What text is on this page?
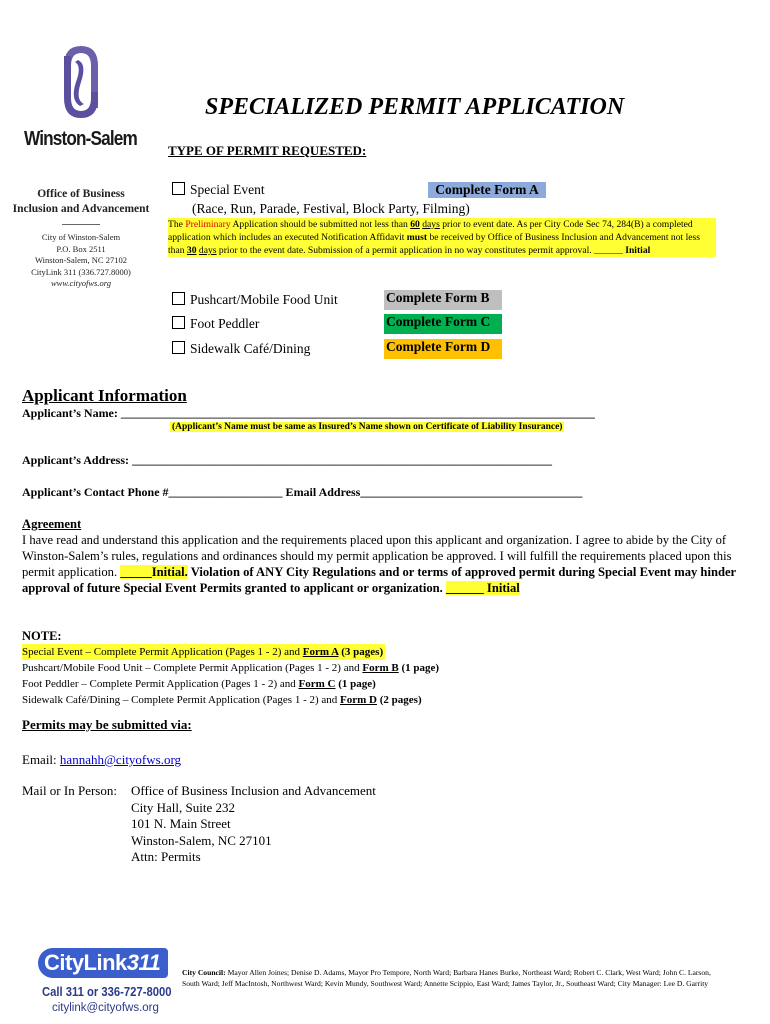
Winston-Salem
Office of Business
Inclusion and Advancement
City of Winston-Salem
P.O. Box 2511
Winston-Salem, NC 27102
CityLink 311 (336.727.8000)
www.cityofws.org
SPECIALIZED PERMIT APPLICATION
TYPE OF PERMIT REQUESTED:
Special Event	Complete Form A
(Race, Run, Parade, Festival, Block Party, Filming)
The Preliminary Application should be submitted not less than 60 days prior to event date. As per City Code Sec 74, 284(B) a completed application which includes an executed Notification Affidavit must be received by Office of Business Inclusion and Advancement not less than 30 days prior to the event date. Submission of a permit application in no way constitutes permit approval. ______ Initial
Pushcart/Mobile Food Unit	Complete Form B
Foot Peddler	Complete Form C
Sidewalk Café/Dining	Complete Form D
Applicant Information
Applicant’s Name: _______________________________________________________________________________
(Applicant’s Name must be same as Insured’s Name shown on Certificate of Liability Insurance)
Applicant’s Address: ______________________________________________________________________
Applicant’s Contact Phone #___________________ Email Address_____________________________________
Agreement
I have read and understand this application and the requirements placed upon this applicant and organization. I agree to abide by the City of Winston-Salem’s rules, regulations and ordinances should my permit application be approved. I will fulfill the requirements placed upon this permit application. _____Initial. Violation of ANY City Regulations and or terms of approved permit during Special Event may hinder approval of future Special Event Permits granted to applicant or organization. ______ Initial
NOTE:
Special Event – Complete Permit Application (Pages 1 - 2) and Form A (3 pages)
Pushcart/Mobile Food Unit – Complete Permit Application (Pages 1 - 2) and Form B (1 page)
Foot Peddler – Complete Permit Application (Pages 1 - 2) and Form C (1 page)
Sidewalk Café/Dining – Complete Permit Application (Pages 1 - 2) and Form D (2 pages)
Permits may be submitted via:
Email: hannahh@cityofws.org
Mail or In Person: Office of Business Inclusion and Advancement
City Hall, Suite 232
101 N. Main Street
Winston-Salem, NC 27101
Attn: Permits
CityLink311
Call 311 or 336-727-8000
citylink@cityofws.org
City Council: Mayor Allen Joines; Denise D. Adams, Mayor Pro Tempore, North Ward; Barbara Hanes Burke, Northeast Ward; Robert C. Clark, West Ward; John C. Larson, South Ward; Jeff MacIntosh, Northwest Ward; Kevin Mundy, Southwest Ward; Annette Scippio, East Ward; James Taylor, Jr., Southeast Ward; City Manager: Lee D. Garrity
